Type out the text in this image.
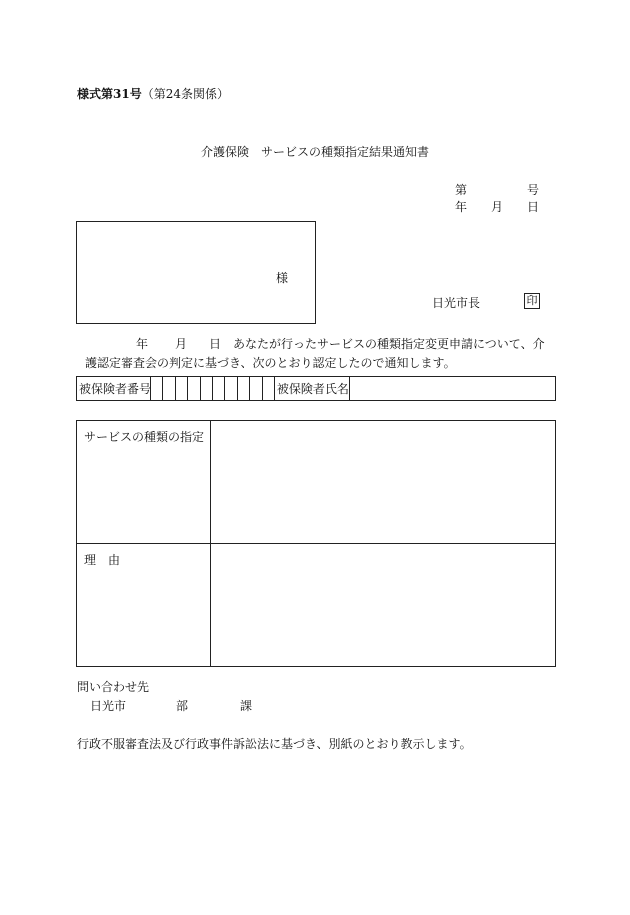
様式第31号（第24条関係）
介護保険　サービスの種類指定結果通知書
第	号
年 月 日
様
日光市長	印
年 月 日 あなたが行ったサービスの種類指定変更申請について、介
護認定審査会の判定に基づき、次のとおり認定したので通知します。
被保険者番号	被保険者氏名
サービスの種類の指定
理　由
問い合わせ先
日光市	部	課
行政不服審査法及び行政事件訴訟法に基づき、別紙のとおり教示します。
